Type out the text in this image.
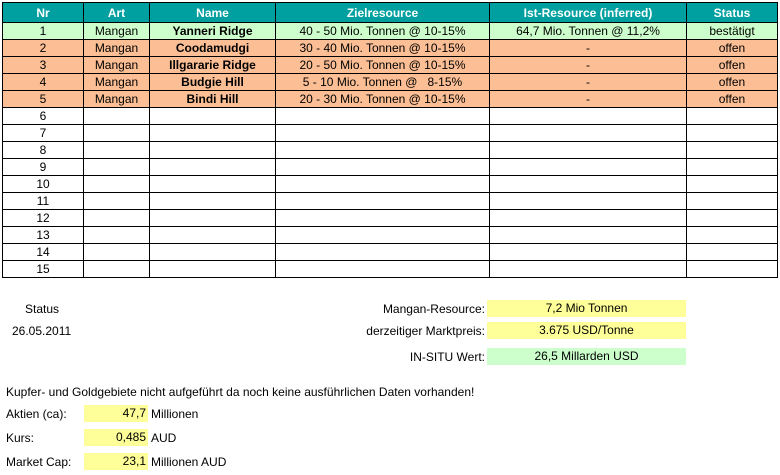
Nr	Art	Name	Zielresource	Ist-Resource (inferred)	Status
1	Mangan	Yanneri Ridge	40 - 50 Mio. Tonnen @ 10-15%	64,7 Mio. Tonnen @ 11,2%	bestätigt
2	Mangan	Coodamudgi	30 - 40 Mio. Tonnen @ 10-15%	-	offen
3	Mangan	Illgararie Ridge	20 - 50 Mio. Tonnen @ 10-15%	-	offen
4	Mangan	Budgie Hill	5 - 10 Mio. Tonnen @   8-15%	-	offen
5	Mangan	Bindi Hill	20 - 30 Mio. Tonnen @ 10-15%	-	offen
6					
7					
8					
9					
10					
11					
12					
13					
14					
15					
Status
26.05.2011
Mangan-Resource:	7,2 Mio Tonnen
derzeitiger Marktpreis:	3.675 USD/Tonne
IN-SITU Wert:	26,5 Millarden USD
Kupfer- und Goldgebiete nicht aufgeführt da noch keine ausführlichen Daten vorhanden!
Aktien (ca):	47,7 Millionen
Kurs:	0,485 AUD
Market Cap:	23,1 Millionen AUD
